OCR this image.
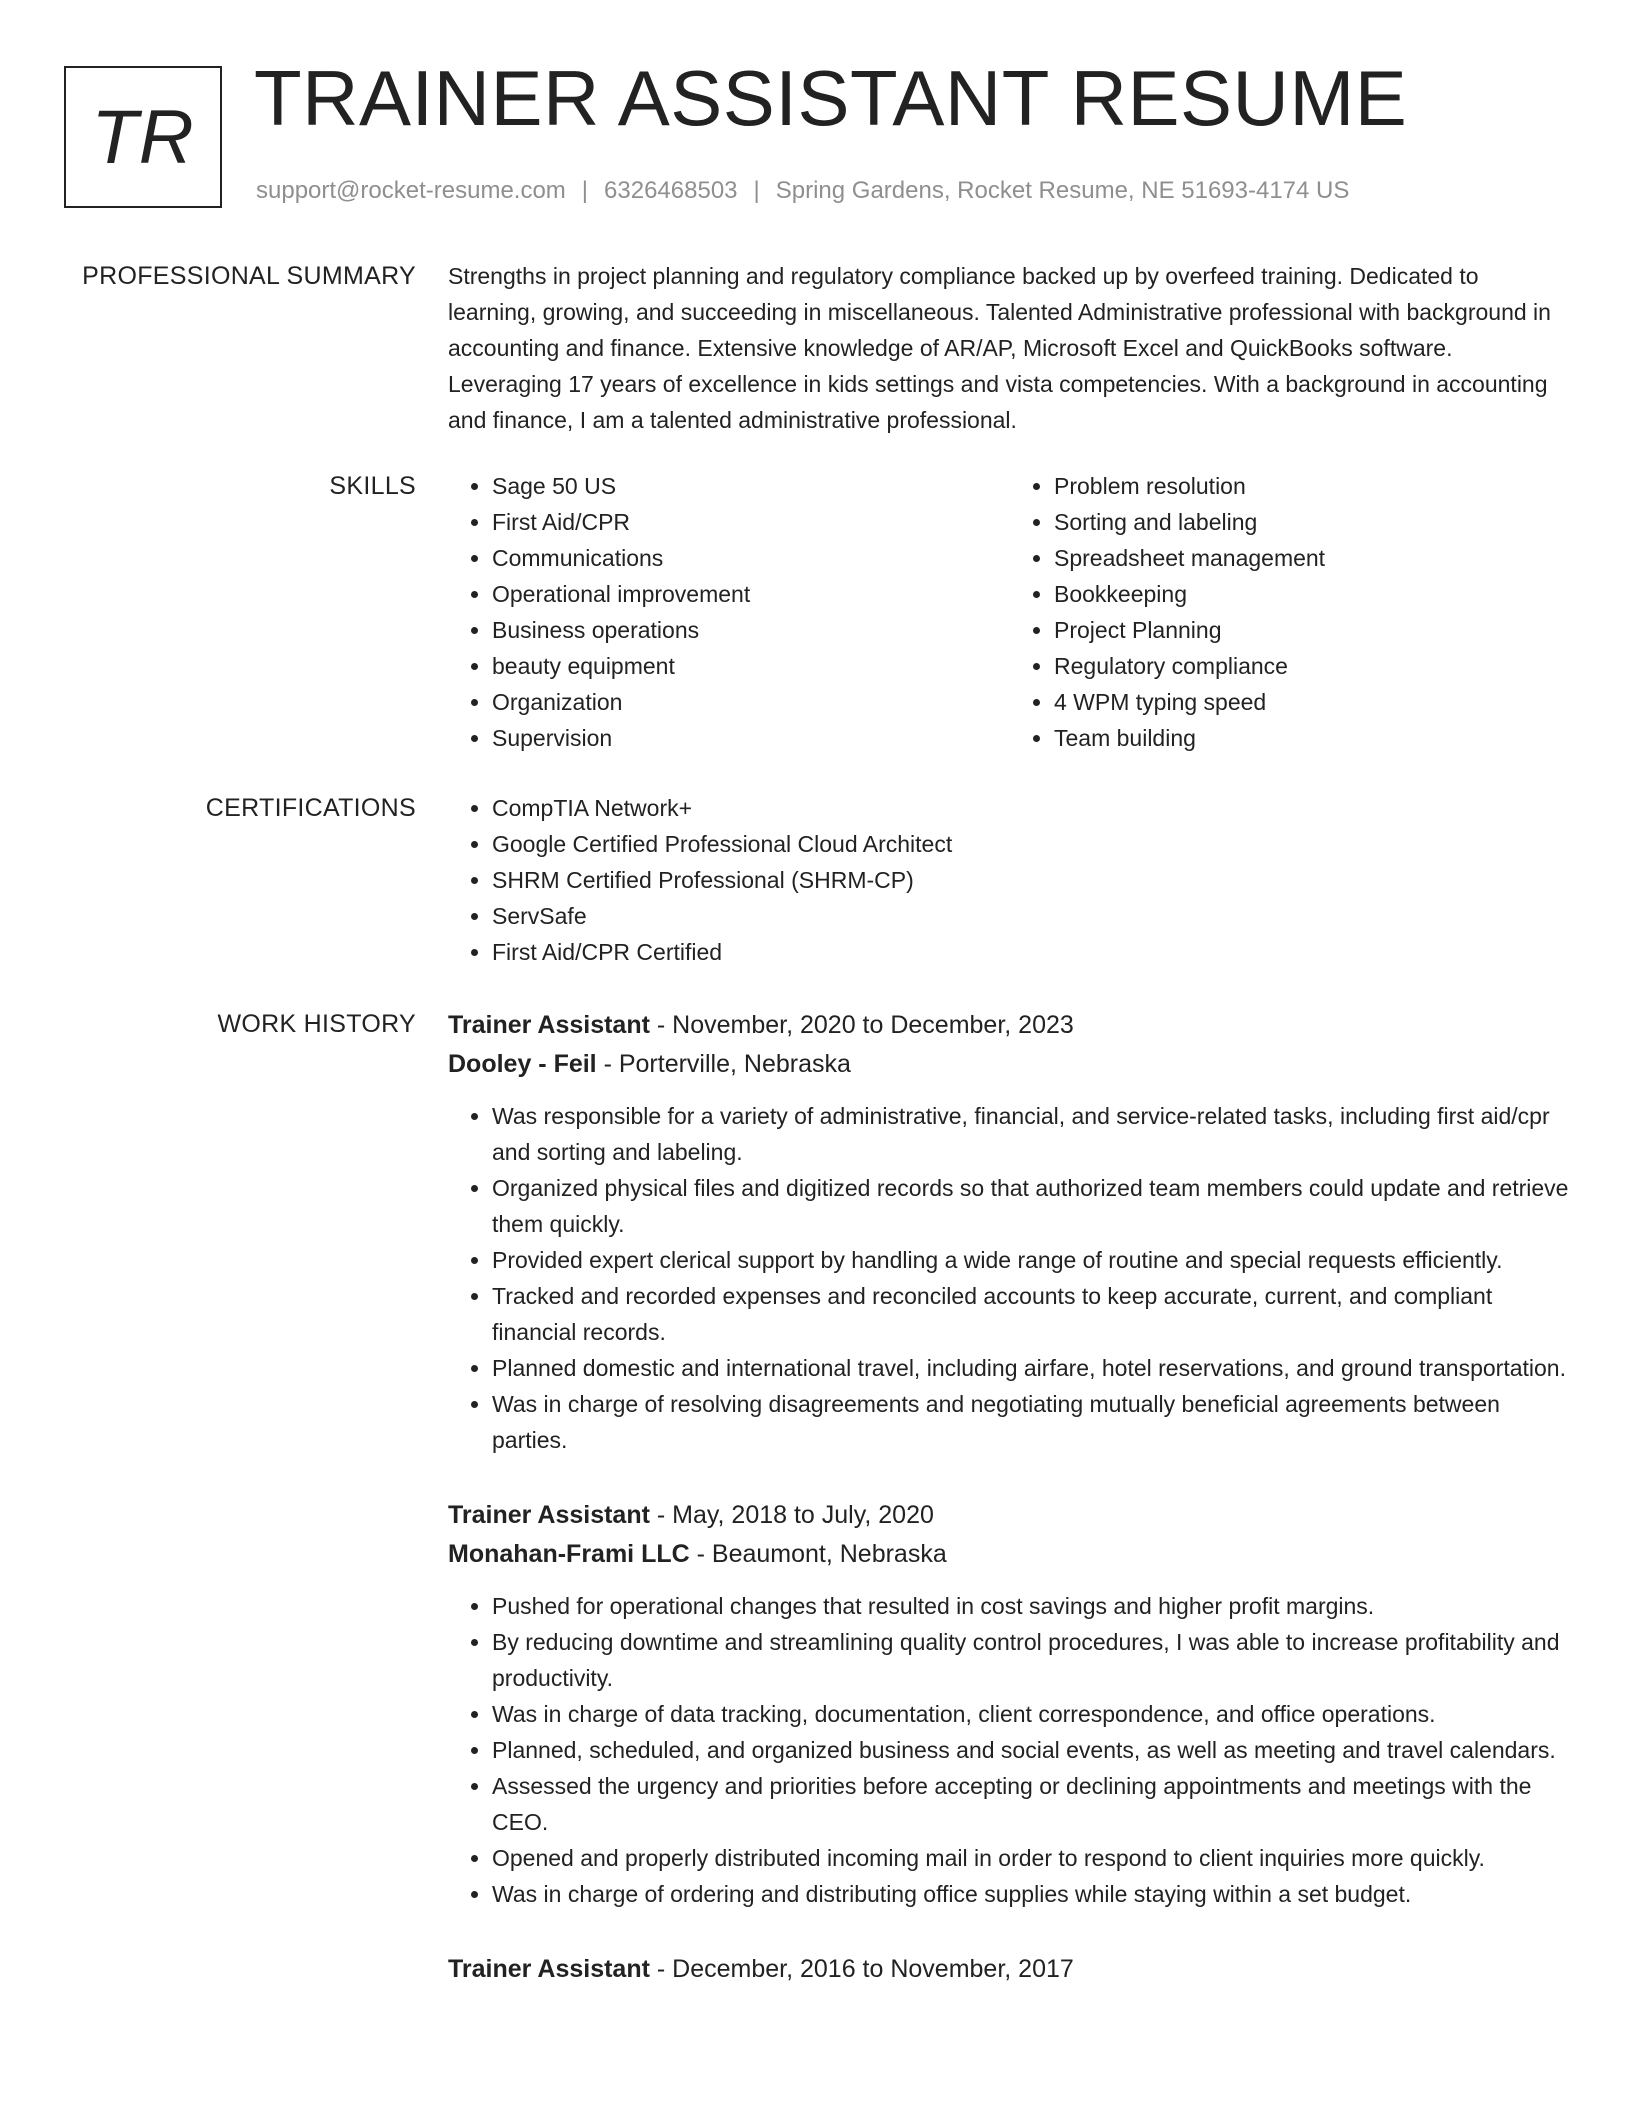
TR TRAINER ASSISTANT RESUME
support@rocket-resume.com | 6326468503 | Spring Gardens, Rocket Resume, NE 51693-4174 US
PROFESSIONAL SUMMARY Strengths in project planning and regulatory compliance backed up by overfeed training. Dedicated to learning, growing, and succeeding in miscellaneous. Talented Administrative professional with background in accounting and finance. Extensive knowledge of AR/AP, Microsoft Excel and QuickBooks software. Leveraging 17 years of excellence in kids settings and vista competencies. With a background in accounting and finance, I am a talented administrative professional.

SKILLS	• Sage 50 US
• First Aid/CPR
• Communications
• Operational improvement
• Business operations
• beauty equipment
• Organization
• Supervision
• Problem resolution
• Sorting and labeling
• Spreadsheet management
• Bookkeeping
• Project Planning
• Regulatory compliance
• 4 WPM typing speed
• Team building
CERTIFICATIONS	• CompTIA Network+
• Google Certified Professional Cloud Architect
• SHRM Certified Professional (SHRM-CP)
• ServSafe
• First Aid/CPR Certified
WORK HISTORY Trainer Assistant - November, 2020 to December, 2023

Dooley - Feil - Porterville, Nebraska

• Was responsible for a variety of administrative, financial, and service-related tasks, including first aid/cpr and sorting and labeling.
• Organized physical files and digitized records so that authorized team members could update and retrieve them quickly.
• Provided expert clerical support by handling a wide range of routine and special requests efficiently.
• Tracked and recorded expenses and reconciled accounts to keep accurate, current, and compliant financial records.
• Planned domestic and international travel, including airfare, hotel reservations, and ground transportation.
• Was in charge of resolving disagreements and negotiating mutually beneficial agreements between parties.

Trainer Assistant - May, 2018 to July, 2020

Monahan-Frami LLC - Beaumont, Nebraska

• Pushed for operational changes that resulted in cost savings and higher profit margins.
• By reducing downtime and streamlining quality control procedures, I was able to increase profitability and productivity.
• Was in charge of data tracking, documentation, client correspondence, and office operations.
• Planned, scheduled, and organized business and social events, as well as meeting and travel calendars.
• Assessed the urgency and priorities before accepting or declining appointments and meetings with the CEO.
• Opened and properly distributed incoming mail in order to respond to client inquiries more quickly.
• Was in charge of ordering and distributing office supplies while staying within a set budget.

Trainer Assistant - December, 2016 to November, 2017
